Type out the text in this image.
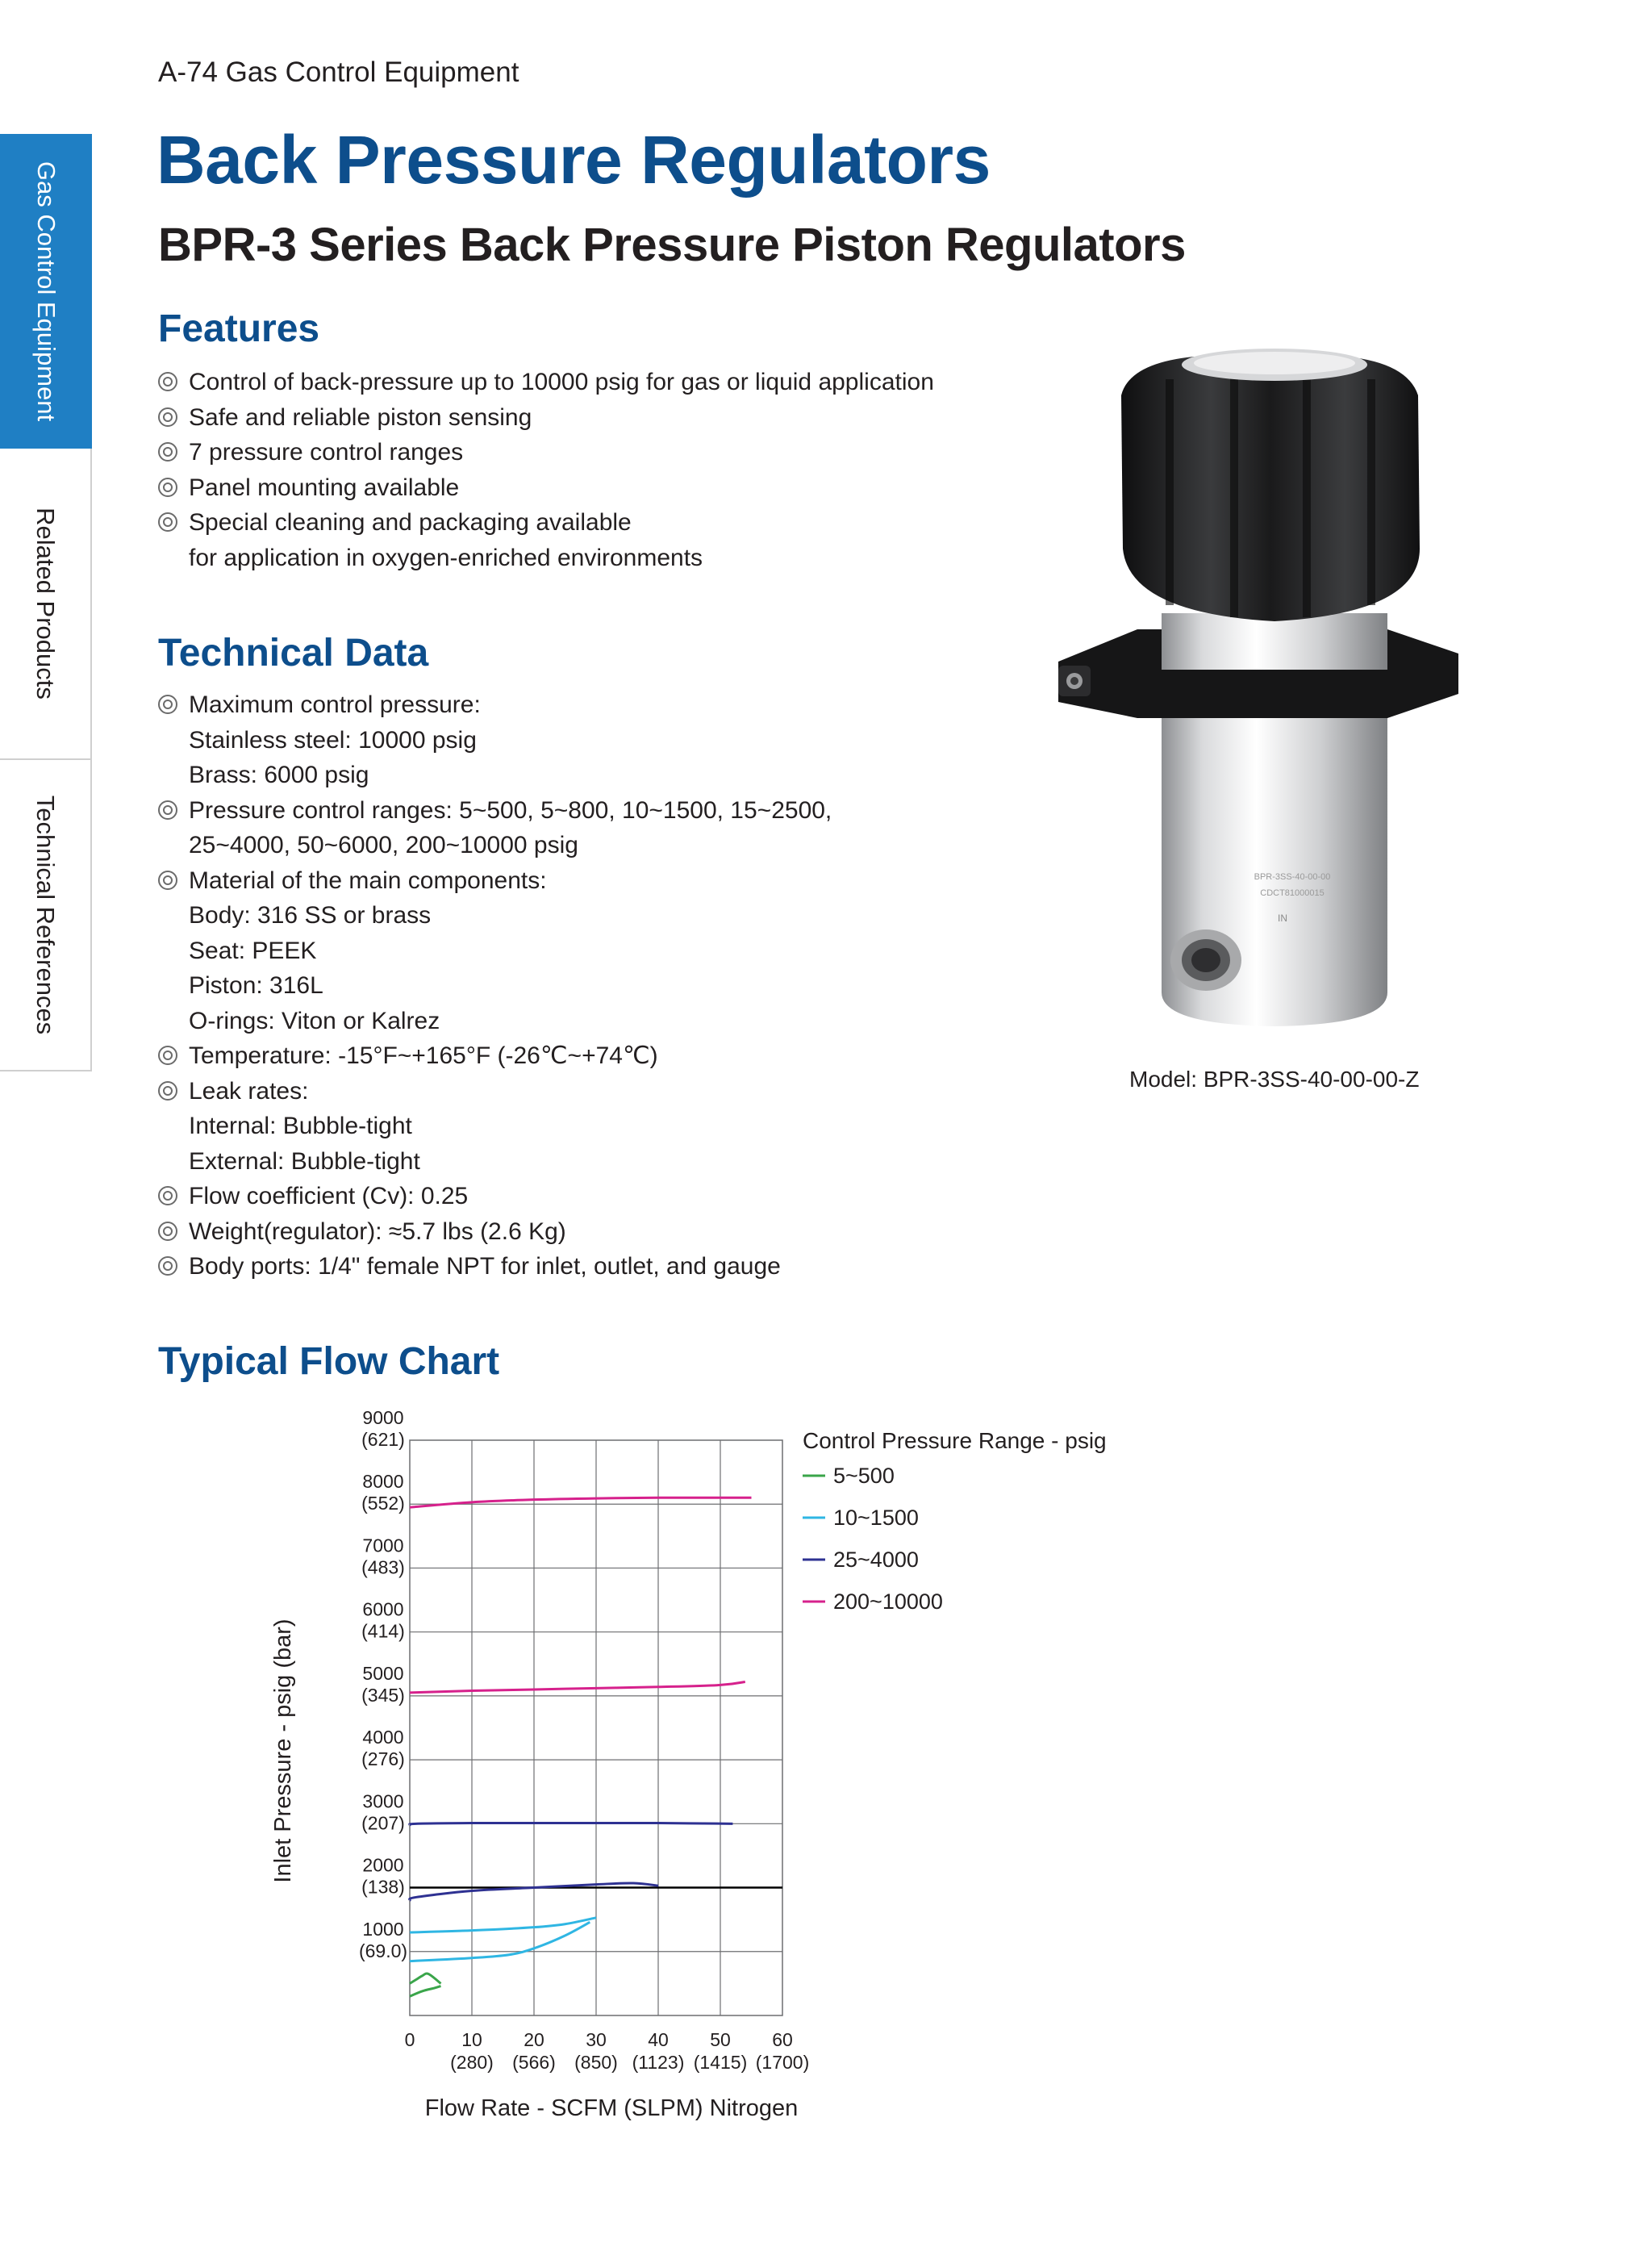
A-74 Gas Control Equipment
Gas Control Equipment
Related Products
Technical References
Back Pressure Regulators
BPR-3 Series Back Pressure Piston Regulators
Features
Control of back-pressure up to 10000 psig for gas or liquid application
Safe and reliable piston sensing
7 pressure control ranges
Panel mounting available
Special cleaning and packaging available
for application in oxygen-enriched environments
Technical Data
Maximum control pressure:
Stainless steel: 10000 psig
Brass: 6000 psig
Pressure control ranges: 5~500, 5~800, 10~1500, 15~2500,
25~4000, 50~6000, 200~10000 psig
Material of the main components:
Body: 316 SS or brass
Seat: PEEK
Piston: 316L
O-rings: Viton or Kalrez
Temperature: -15°F~+165°F (-26℃~+74℃)
Leak rates:
Internal: Bubble-tight
External: Bubble-tight
Flow coefficient (Cv): 0.25
Weight(regulator): ≈5.7 lbs (2.6 Kg)
Body ports: 1/4" female NPT for inlet, outlet, and gauge
BPR-3SS-40-00-00
CDCT81000015
IN
Model: BPR-3SS-40-00-00-Z
Typical Flow Chart
1000
(69.0)
2000
(138)
3000
(207)
4000
(276)
5000
(345)
6000
(414)
7000
(483)
8000
(552)
9000
(621)
0	10
(280)
20
(566)
30
(850)
40
(1123)
50
(1415)
60
(1700)
Flow Rate - SCFM (SLPM) Nitrogen
Inlet Pressure - psig (bar)
Control Pressure Range - psig
5~500
10~1500
25~4000
200~10000
